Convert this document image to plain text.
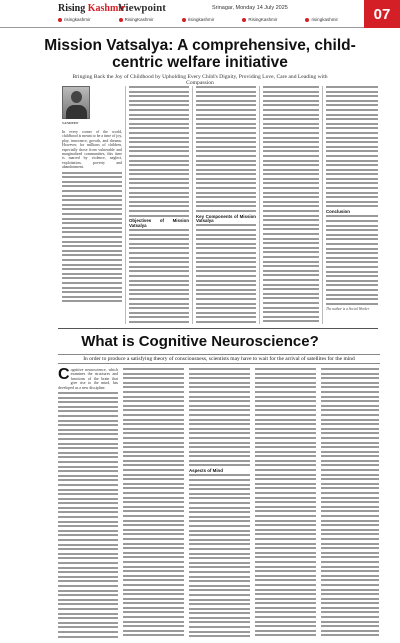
Rising Kashmir
Viewpoint	Srinagar, Monday 14 July 2025
risingkashmir	RisingKashmir	risingkashmir	RisingKashmir	risingkashmir	07
Mission Vatsalya: A comprehensive, child-centric welfare initiative
Bringing Back the Joy of Childhood by Upholding Every Child's Dignity, Providing Love, Care and Leading with Compassion
SANDEEP

In every corner of the world, childhood is meant to be a time of joy, play, innocence, growth, and dreams. However, for millions of children, especially those from vulnerable and marginalized communities, this time is marred by violence, neglect, exploitation, poverty and abandonment.

Objectives of Mission Vatsalya
Key Components of Mission Vatsalya
Conclusion
The author is a Social Worker
What is Cognitive Neuroscience?
In order to produce a satisfying theory of consciousness, scientists may have to wait for the arrival of satellites for the mind
C ognitive neuroscience, which examines the structures and functions of the brain that give rise to the mind, has developed as a new discipline.

Aspects of Mind
